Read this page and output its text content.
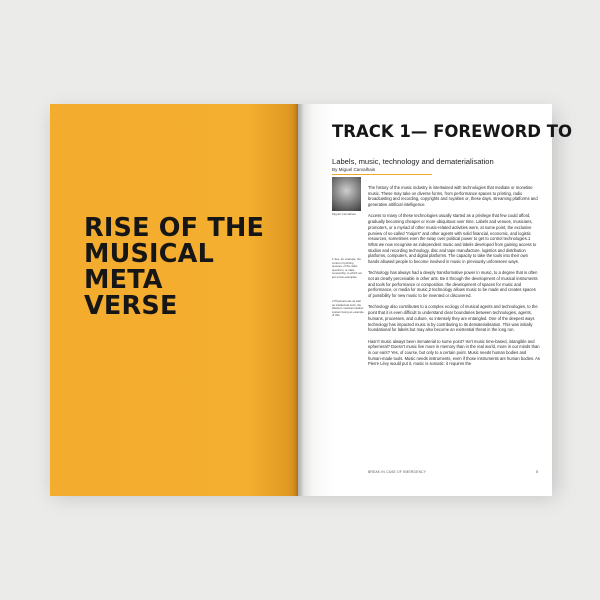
RISE OF THE
MUSICAL
META
VERSE
TRACK 1— FOREWORD TO
Labels, music, technology and dematerialisation
By Miguel Carvalhais
Miguel Carvalhais
1 See, for example, the control of printing presses, of the radio spectrum, or state censorship, to which not just a few examples.
2 Physical tools as well as intellectual tools, the Western musical notation system being an example of this.

The history of the music industry is intertwined with technologies that mediate or monetise music. These may take on diverse forms, from performance spaces to printing, radio broadcasting and recording, copyrights and royalties or, these days, streaming platforms and generative artificial intelligence.

Access to many of these technologies usually started as a privilege that few could afford, gradually becoming cheaper or more ubiquitous over time. Labels and venues, musicians, promoters, or a myriad of other music-related activities were, at some point, the exclusive purview of so-called "majors" and other agents with solid financial, economic, and logistic resources, sometimes even the sway over political power to get to control technologies.1 What we now recognise as independent music and labels developed from gaining access to studios and recording technology, disc and tape manufacture, logistics and distribution platforms, computers, and digital platforms. The capacity to take the tools into their own hands allowed people to become involved in music in previously unforeseen ways.

Technology has always had a deeply transformative power in music, to a degree that is often not as clearly perceivable in other arts. Be it through the development of musical instruments and tools for performance or composition, the development of spaces for music and performance, or media for music,2 technology allows music to be made and creates spaces of possibility for new music to be invented or discovered.

Technology also contributes to a complex ecology of musical agents and technologies, to the point that it is even difficult to understand clear boundaries between technologies, agents, humans, processes, and culture, so intensely they are entangled. One of the deepest ways technology has impacted music is by contributing to its dematerialisation. This was initially foundational for labels but may also become an existential threat in the long run.

Hasn't music always been immaterial to some point? Isn't music time-based, intangible and ephemeral? Doesn't music live more in memory than in the real world, more in our minds than in our ears? Yes, of course, but only to a certain point. Music needs human bodies and human-made tools. Music needs instruments, even if those instruments are human bodies. As Pierre Lévy would put it, music is somatic: it requires the

BREAK IN CASE OF EMERGENCY	5
